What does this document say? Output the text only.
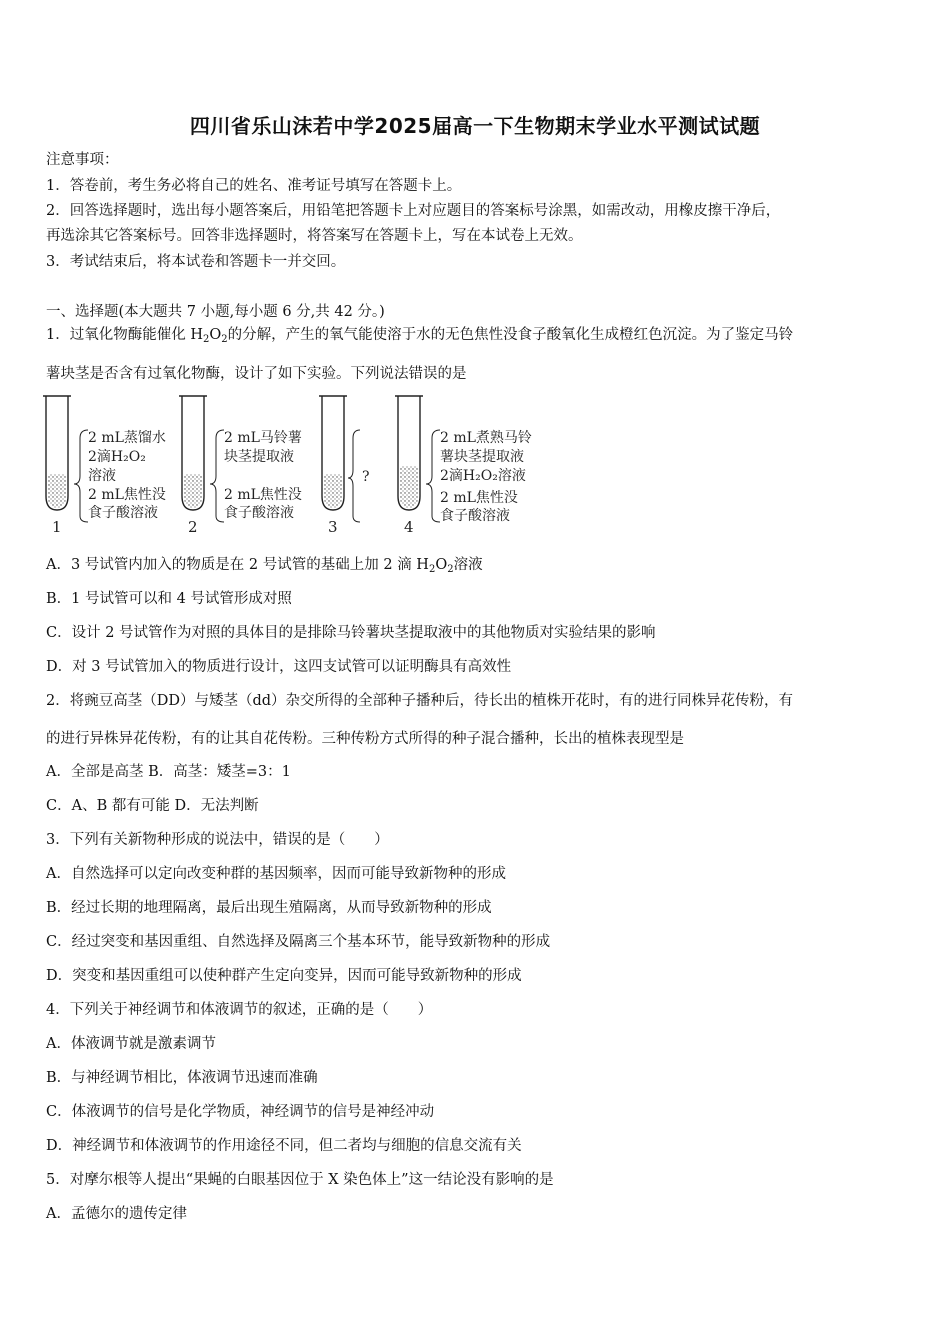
四川省乐山沫若中学2025届高一下生物期末学业水平测试试题
注意事项：
1．答卷前，考生务必将自己的姓名、准考证号填写在答题卡上。
2．回答选择题时，选出每小题答案后，用铅笔把答题卡上对应题目的答案标号涂黑，如需改动，用橡皮擦干净后，
再选涂其它答案标号。回答非选择题时，将答案写在答题卡上，写在本试卷上无效。
3．考试结束后，将本试卷和答题卡一并交回。
一、选择题(本大题共 7 小题,每小题 6 分,共 42 分。)
1．过氧化物酶能催化 $H_2O_2$的分解，产生的氧气能使溶于水的无色焦性没食子酸氧化生成橙红色沉淀。为了鉴定马铃
薯块茎是否含有过氧化物酶，设计了如下实验。下列说法错误的是
2 mL蒸馏水
2滴H₂O₂
溶液
2 mL焦性没
食子酸溶液
1
2 mL马铃薯
块茎提取液
2 mL焦性没
食子酸溶液
2
?
3
2 mL煮熟马铃
薯块茎提取液
2滴H₂O₂溶液
2 mL焦性没
食子酸溶液
4
A．3 号试管内加入的物质是在 2 号试管的基础上加 2 滴 $H_2O_2$溶液
B．1 号试管可以和 4 号试管形成对照
C．设计 2 号试管作为对照的具体目的是排除马铃薯块茎提取液中的其他物质对实验结果的影响
D．对 3 号试管加入的物质进行设计，这四支试管可以证明酶具有高效性
2．将豌豆高茎（DD）与矮茎（dd）杂交所得的全部种子播种后，待长出的植株开花时，有的进行同株异花传粉，有
的进行异株异花传粉，有的让其自花传粉。三种传粉方式所得的种子混合播种，长出的植株表现型是
A．全部是高茎 B．高茎：矮茎=3：1
C．A、B 都有可能 D．无法判断
3．下列有关新物种形成的说法中，错误的是（　　）
A．自然选择可以定向改变种群的基因频率，因而可能导致新物种的形成
B．经过长期的地理隔离，最后出现生殖隔离，从而导致新物种的形成
C．经过突变和基因重组、自然选择及隔离三个基本环节，能导致新物种的形成
D．突变和基因重组可以使种群产生定向变异，因而可能导致新物种的形成
4．下列关于神经调节和体液调节的叙述，正确的是（　　）
A．体液调节就是激素调节
B．与神经调节相比，体液调节迅速而准确
C．体液调节的信号是化学物质，神经调节的信号是神经冲动
D．神经调节和体液调节的作用途径不同，但二者均与细胞的信息交流有关
5．对摩尔根等人提出“果蝇的白眼基因位于 X 染色体上”这一结论没有影响的是
A．孟德尔的遗传定律
